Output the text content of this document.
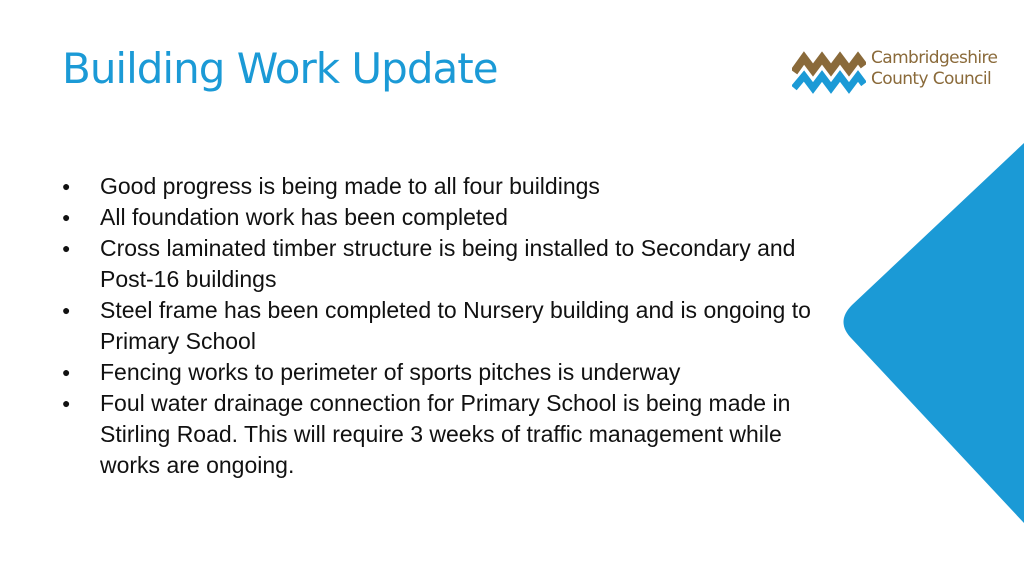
Building Work Update	Cambridgeshire
County Council
● Good progress is being made to all four buildings
● All foundation work has been completed
● Cross laminated timber structure is being installed to Secondary and Post-16 buildings
● Steel frame has been completed to Nursery building and is ongoing to Primary School
● Fencing works to perimeter of sports pitches is underway
● Foul water drainage connection for Primary School is being made in Stirling Road. This will require 3 weeks of traffic management while works are ongoing.
